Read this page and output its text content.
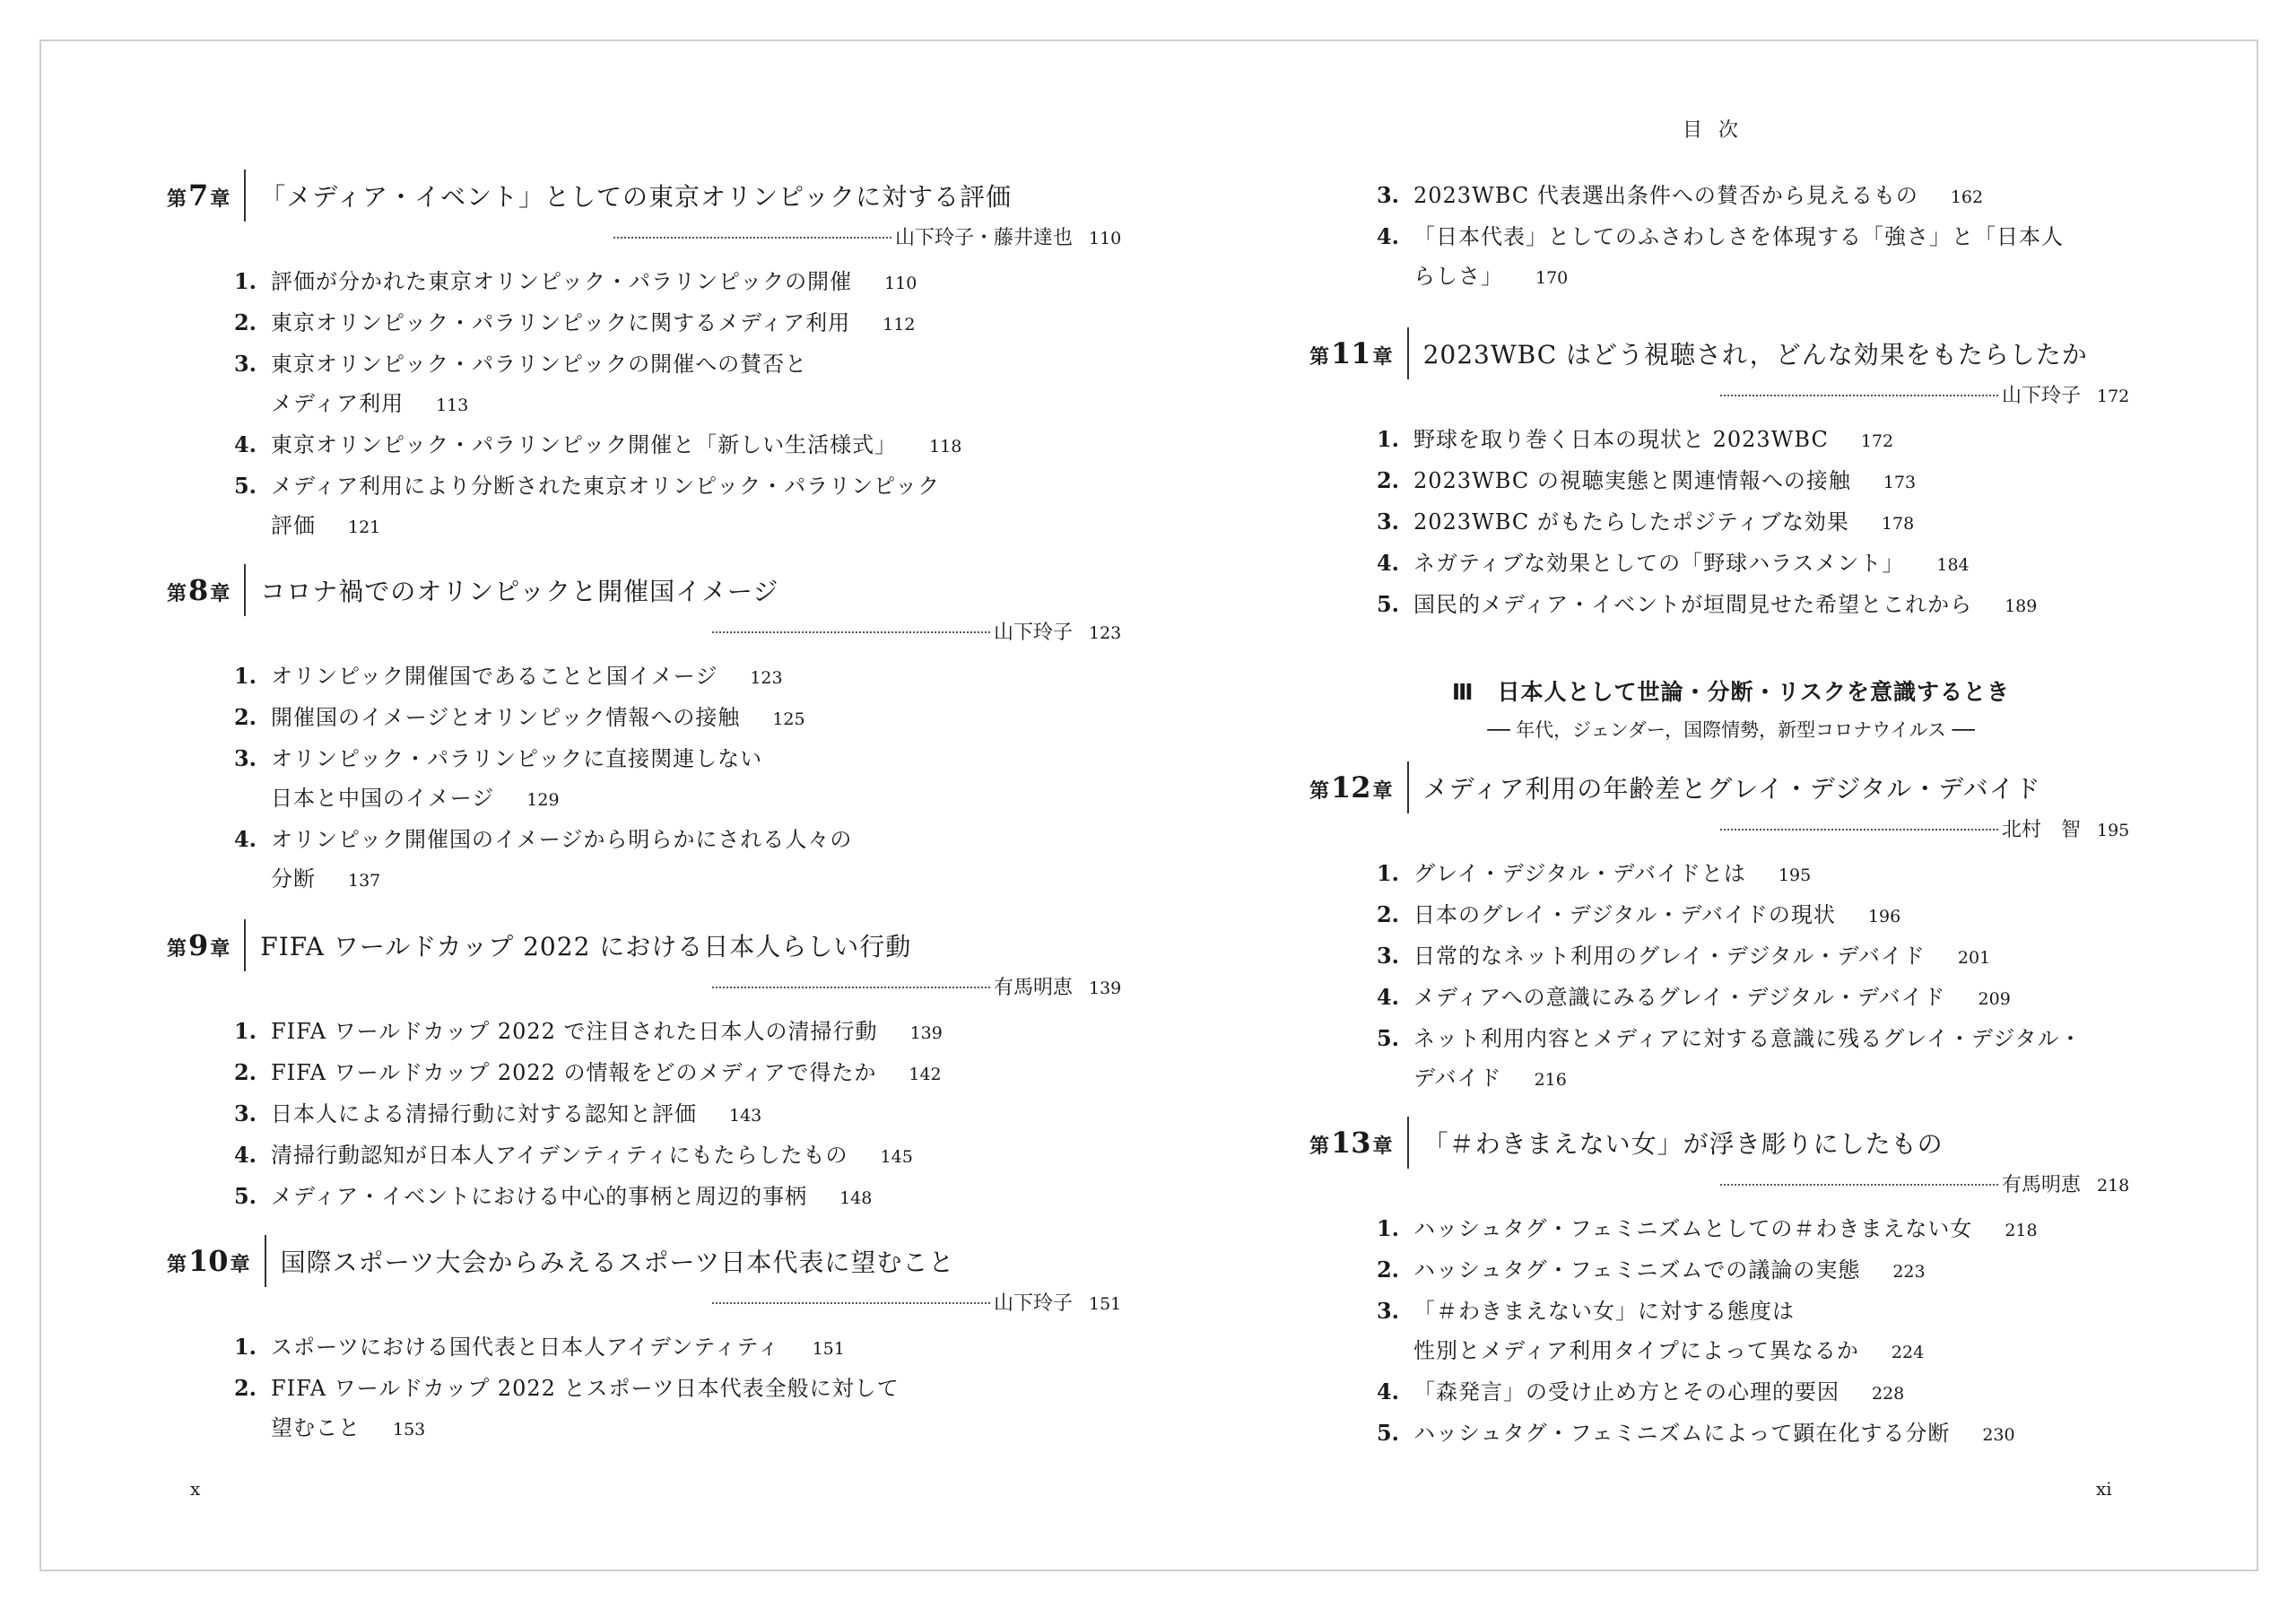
目次
第7章	「メディア・イベント」としての東京オリンピックに対する評価
山下玲子・藤井達也 110
1. 評価が分かれた東京オリンピック・パラリンピックの開催 110
2. 東京オリンピック・パラリンピックに関するメディア利用 112
3. 東京オリンピック・パラリンピックの開催への賛否と
メディア利用 113
4. 東京オリンピック・パラリンピック開催と「新しい生活様式」 118
5. メディア利用により分断された東京オリンピック・パラリンピック
評価 121
第8章	コロナ禍でのオリンピックと開催国イメージ
山下玲子 123
1. オリンピック開催国であることと国イメージ 123
2. 開催国のイメージとオリンピック情報への接触 125
3. オリンピック・パラリンピックに直接関連しない
日本と中国のイメージ 129
4. オリンピック開催国のイメージから明らかにされる人々の
分断 137
第9章	FIFA ワールドカップ 2022 における日本人らしい行動
有馬明恵 139
1. FIFA ワールドカップ 2022 で注目された日本人の清掃行動 139
2. FIFA ワールドカップ 2022 の情報をどのメディアで得たか 142
3. 日本人による清掃行動に対する認知と評価 143
4. 清掃行動認知が日本人アイデンティティにもたらしたもの 145
5. メディア・イベントにおける中心的事柄と周辺的事柄 148
第10章	国際スポーツ大会からみえるスポーツ日本代表に望むこと
山下玲子 151
1. スポーツにおける国代表と日本人アイデンティティ 151
2. FIFA ワールドカップ 2022 とスポーツ日本代表全般に対して
望むこと 153
3. 2023WBC 代表選出条件への賛否から見えるもの 162
4. 「日本代表」としてのふさわしさを体現する「強さ」と「日本人
らしさ」 170
第11章	2023WBC はどう視聴され，どんな効果をもたらしたか
山下玲子 172
1. 野球を取り巻く日本の現状と 2023WBC 172
2. 2023WBC の視聴実態と関連情報への接触 173
3. 2023WBC がもたらしたポジティブな効果 178
4. ネガティブな効果としての「野球ハラスメント」 184
5. 国民的メディア・イベントが垣間見せた希望とこれから 189
Ⅲ　日本人として世論・分断・リスクを意識するとき
── 年代，ジェンダー，国際情勢，新型コロナウイルス ──
第12章	メディア利用の年齢差とグレイ・デジタル・デバイド
北村　智 195
1. グレイ・デジタル・デバイドとは 195
2. 日本のグレイ・デジタル・デバイドの現状 196
3. 日常的なネット利用のグレイ・デジタル・デバイド 201
4. メディアへの意識にみるグレイ・デジタル・デバイド 209
5. ネット利用内容とメディアに対する意識に残るグレイ・デジタル・
デバイド 216
第13章	「＃わきまえない女」が浮き彫りにしたもの
有馬明恵 218
1. ハッシュタグ・フェミニズムとしての＃わきまえない女 218
2. ハッシュタグ・フェミニズムでの議論の実態 223
3. 「＃わきまえない女」に対する態度は
性別とメディア利用タイプによって異なるか 224
4. 「森発言」の受け止め方とその心理的要因 228
5. ハッシュタグ・フェミニズムによって顕在化する分断 230
x	xi
